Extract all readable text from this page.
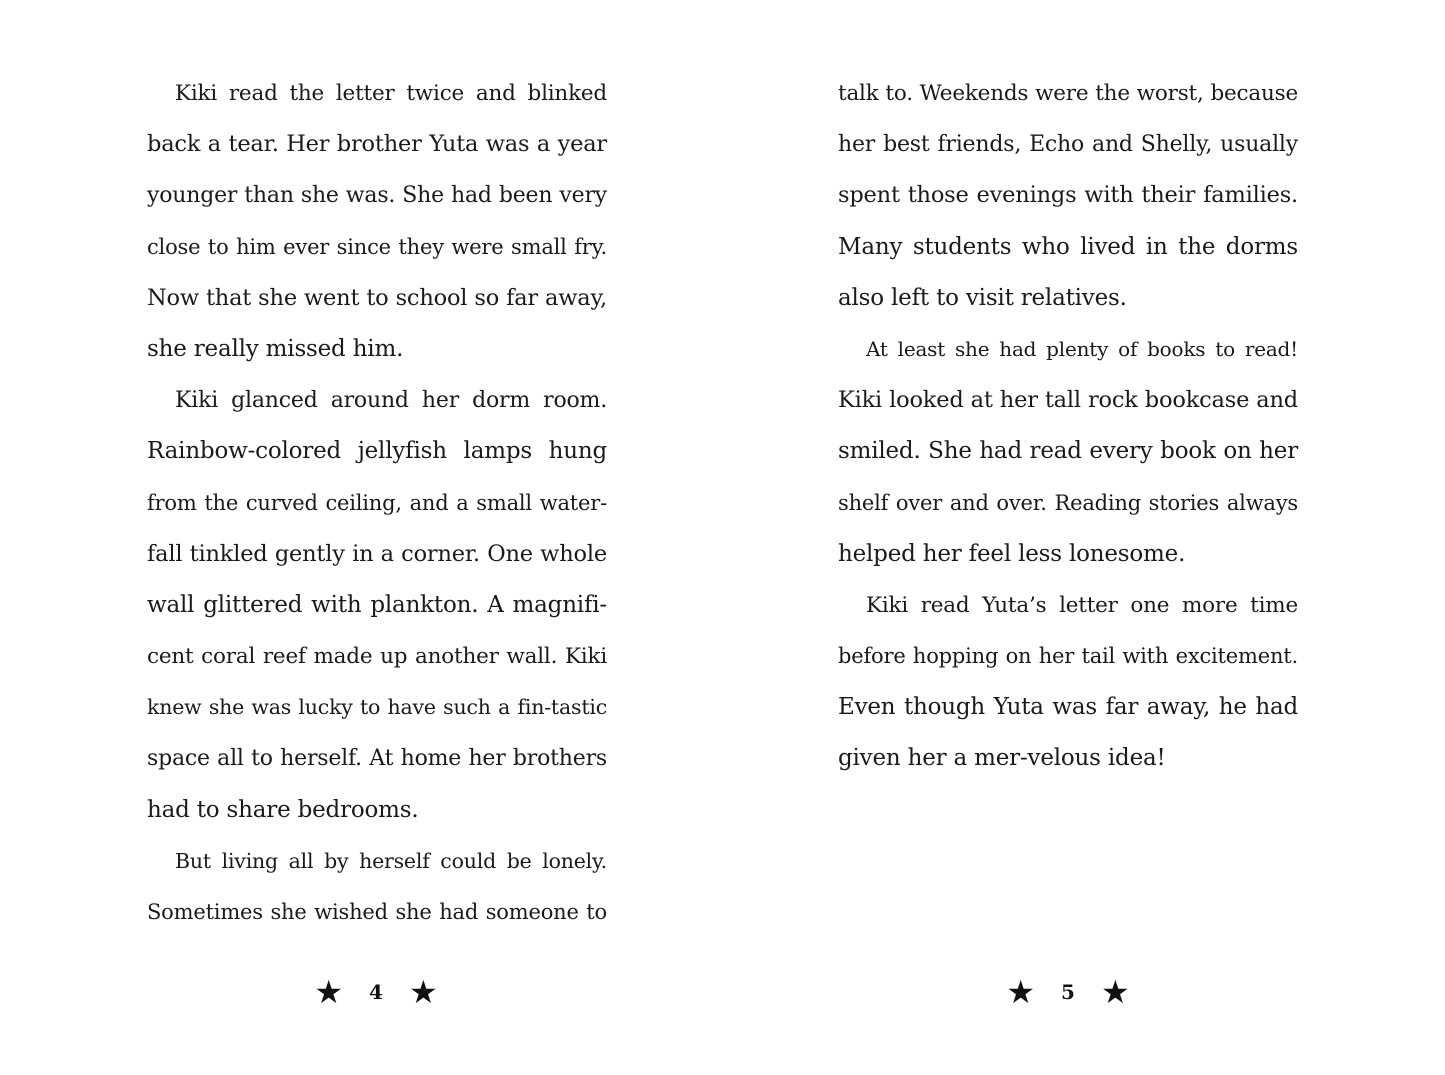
Kiki read the letter twice and blinked
back a tear. Her brother Yuta was a year
younger than she was. She had been very
close to him ever since they were small fry.
Now that she went to school so far away,
she really missed him.
Kiki glanced around her dorm room.
Rainbow-colored jellyfish lamps hung
from the curved ceiling, and a small water-
fall tinkled gently in a corner. One whole
wall glittered with plankton. A magnifi-
cent coral reef made up another wall. Kiki
knew she was lucky to have such a fin-tastic
space all to herself. At home her brothers
had to share bedrooms.
But living all by herself could be lonely.
Sometimes she wished she had someone to
talk to. Weekends were the worst, because
her best friends, Echo and Shelly, usually
spent those evenings with their families.
Many students who lived in the dorms
also left to visit relatives.
At least she had plenty of books to read!
Kiki looked at her tall rock bookcase and
smiled. She had read every book on her
shelf over and over. Reading stories always
helped her feel less lonesome.
Kiki read Yuta’s letter one more time
before hopping on her tail with excitement.
Even though Yuta was far away, he had
given her a mer-velous idea!
★ 4 ★	★ 5 ★
